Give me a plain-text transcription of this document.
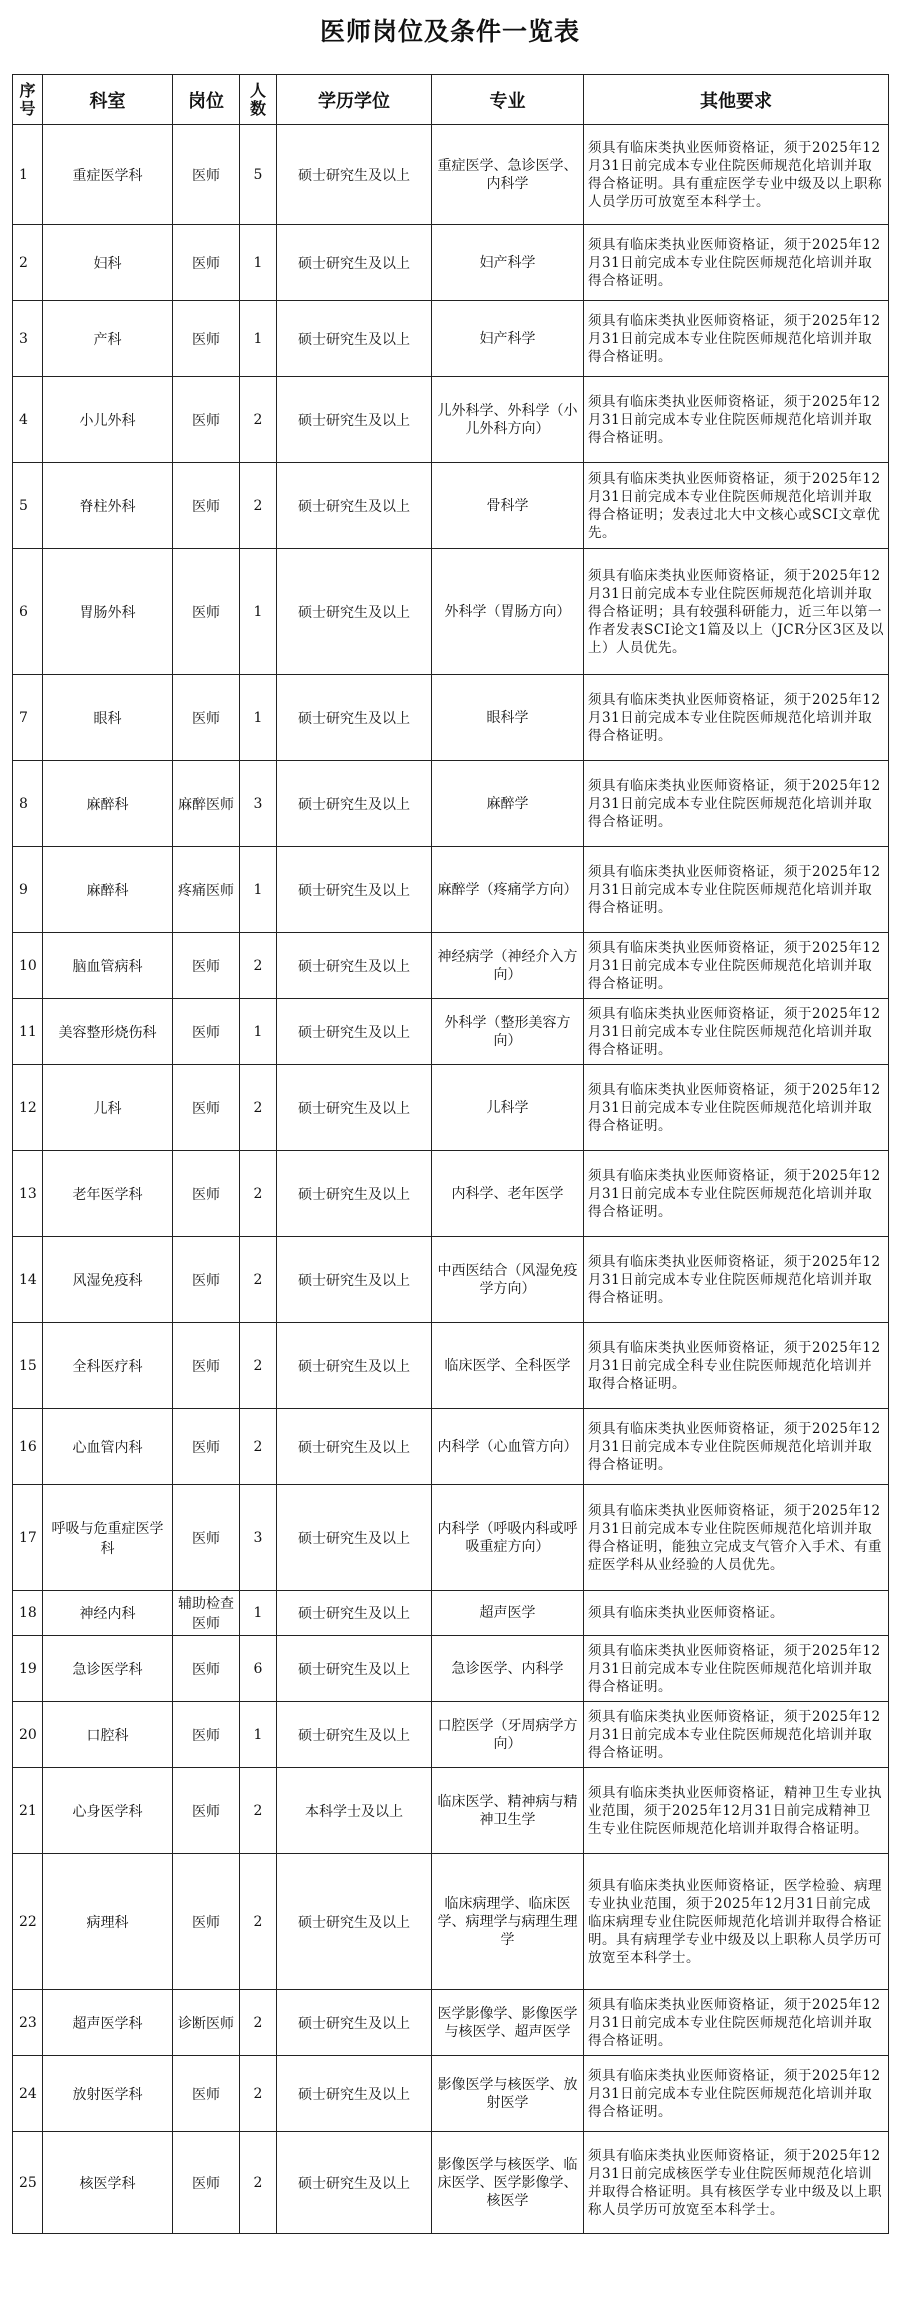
医师岗位及条件一览表
序号	科室	岗位	人数	学历学位	专业	其他要求
1	重症医学科	医师	5	硕士研究生及以上	重症医学、急诊医学、内科学	须具有临床类执业医师资格证，须于2025年12月31日前完成本专业住院医师规范化培训并取得合格证明。具有重症医学专业中级及以上职称人员学历可放宽至本科学士。
2	妇科	医师	1	硕士研究生及以上	妇产科学	须具有临床类执业医师资格证，须于2025年12月31日前完成本专业住院医师规范化培训并取得合格证明。
3	产科	医师	1	硕士研究生及以上	妇产科学	须具有临床类执业医师资格证，须于2025年12月31日前完成本专业住院医师规范化培训并取得合格证明。
4	小儿外科	医师	2	硕士研究生及以上	儿外科学、外科学（小儿外科方向）	须具有临床类执业医师资格证，须于2025年12月31日前完成本专业住院医师规范化培训并取得合格证明。
5	脊柱外科	医师	2	硕士研究生及以上	骨科学	须具有临床类执业医师资格证，须于2025年12月31日前完成本专业住院医师规范化培训并取得合格证明；发表过北大中文核心或SCI文章优先。
6	胃肠外科	医师	1	硕士研究生及以上	外科学（胃肠方向）	须具有临床类执业医师资格证，须于2025年12月31日前完成本专业住院医师规范化培训并取得合格证明；具有较强科研能力，近三年以第一作者发表SCI论文1篇及以上（JCR分区3区及以上）人员优先。
7	眼科	医师	1	硕士研究生及以上	眼科学	须具有临床类执业医师资格证，须于2025年12月31日前完成本专业住院医师规范化培训并取得合格证明。
8	麻醉科	麻醉医师	3	硕士研究生及以上	麻醉学	须具有临床类执业医师资格证，须于2025年12月31日前完成本专业住院医师规范化培训并取得合格证明。
9	麻醉科	疼痛医师	1	硕士研究生及以上	麻醉学（疼痛学方向）	须具有临床类执业医师资格证，须于2025年12月31日前完成本专业住院医师规范化培训并取得合格证明。
10	脑血管病科	医师	2	硕士研究生及以上	神经病学（神经介入方向）	须具有临床类执业医师资格证，须于2025年12月31日前完成本专业住院医师规范化培训并取得合格证明。
11	美容整形烧伤科	医师	1	硕士研究生及以上	外科学（整形美容方向）	须具有临床类执业医师资格证，须于2025年12月31日前完成本专业住院医师规范化培训并取得合格证明。
12	儿科	医师	2	硕士研究生及以上	儿科学	须具有临床类执业医师资格证，须于2025年12月31日前完成本专业住院医师规范化培训并取得合格证明。
13	老年医学科	医师	2	硕士研究生及以上	内科学、老年医学	须具有临床类执业医师资格证，须于2025年12月31日前完成本专业住院医师规范化培训并取得合格证明。
14	风湿免疫科	医师	2	硕士研究生及以上	中西医结合（风湿免疫学方向）	须具有临床类执业医师资格证，须于2025年12月31日前完成本专业住院医师规范化培训并取得合格证明。
15	全科医疗科	医师	2	硕士研究生及以上	临床医学、全科医学	须具有临床类执业医师资格证，须于2025年12月31日前完成全科专业住院医师规范化培训并取得合格证明。
16	心血管内科	医师	2	硕士研究生及以上	内科学（心血管方向）	须具有临床类执业医师资格证，须于2025年12月31日前完成本专业住院医师规范化培训并取得合格证明。
17	呼吸与危重症医学科	医师	3	硕士研究生及以上	内科学（呼吸内科或呼吸重症方向）	须具有临床类执业医师资格证，须于2025年12月31日前完成本专业住院医师规范化培训并取得合格证明，能独立完成支气管介入手术、有重症医学科从业经验的人员优先。
18	神经内科	辅助检查医师	1	硕士研究生及以上	超声医学	须具有临床类执业医师资格证。
19	急诊医学科	医师	6	硕士研究生及以上	急诊医学、内科学	须具有临床类执业医师资格证，须于2025年12月31日前完成本专业住院医师规范化培训并取得合格证明。
20	口腔科	医师	1	硕士研究生及以上	口腔医学（牙周病学方向）	须具有临床类执业医师资格证，须于2025年12月31日前完成本专业住院医师规范化培训并取得合格证明。
21	心身医学科	医师	2	本科学士及以上	临床医学、精神病与精神卫生学	须具有临床类执业医师资格证，精神卫生专业执业范围，须于2025年12月31日前完成精神卫生专业住院医师规范化培训并取得合格证明。
22	病理科	医师	2	硕士研究生及以上	临床病理学、临床医学、病理学与病理生理学	须具有临床类执业医师资格证，医学检验、病理专业执业范围，须于2025年12月31日前完成临床病理专业住院医师规范化培训并取得合格证明。具有病理学专业中级及以上职称人员学历可放宽至本科学士。
23	超声医学科	诊断医师	2	硕士研究生及以上	医学影像学、影像医学与核医学、超声医学	须具有临床类执业医师资格证，须于2025年12月31日前完成本专业住院医师规范化培训并取得合格证明。
24	放射医学科	医师	2	硕士研究生及以上	影像医学与核医学、放射医学	须具有临床类执业医师资格证，须于2025年12月31日前完成本专业住院医师规范化培训并取得合格证明。
25	核医学科	医师	2	硕士研究生及以上	影像医学与核医学、临床医学、医学影像学、核医学	须具有临床类执业医师资格证，须于2025年12月31日前完成核医学专业住院医师规范化培训并取得合格证明。具有核医学专业中级及以上职称人员学历可放宽至本科学士。
